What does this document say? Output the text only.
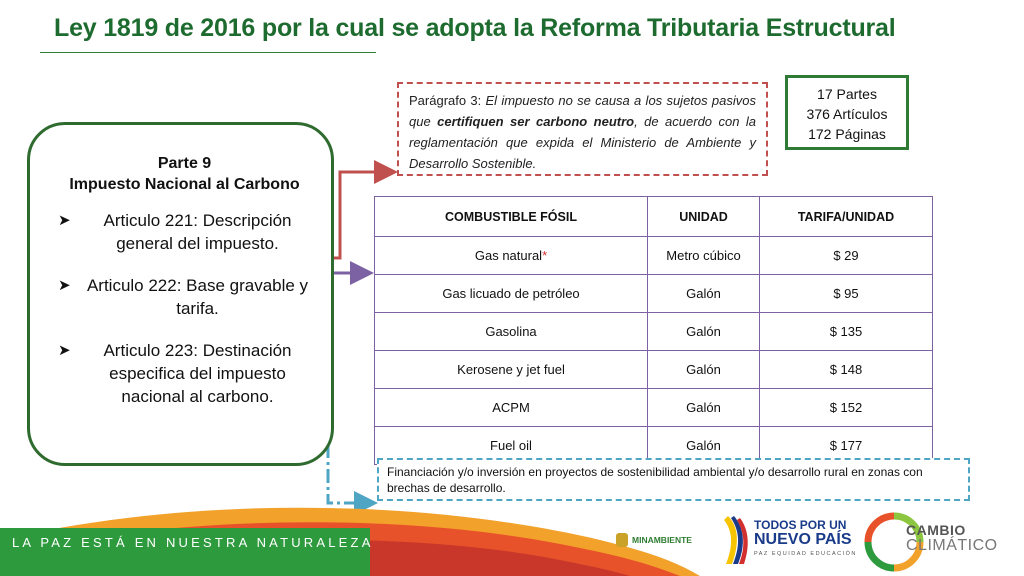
Ley 1819 de 2016 por la cual se adopta la Reforma Tributaria Estructural
Parte 9
Impuesto Nacional al Carbono
➤ Articulo 221: Descripción general del impuesto.
➤ Articulo 222: Base gravable y tarifa.
➤ Articulo 223: Destinación especifica del impuesto nacional al carbono.
Parágrafo 3: El impuesto no se causa a los sujetos pasivos que certifiquen ser carbono neutro, de acuerdo con la reglamentación que expida el Ministerio de Ambiente y Desarrollo Sostenible.
17 Partes
376 Artículos
172 Páginas
COMBUSTIBLE FÓSIL	UNIDAD	TARIFA/UNIDAD
Gas natural*	Metro cúbico	$ 29
Gas licuado de petróleo	Galón	$ 95
Gasolina	Galón	$ 135
Kerosene y jet fuel	Galón	$ 148
ACPM	Galón	$ 152
Fuel oil	Galón	$ 177
Financiación y/o inversión en proyectos de sostenibilidad ambiental y/o desarrollo rural en zonas con brechas de desarrollo.
LA PAZ ESTÁ EN NUESTRA NATURALEZA	MINAMBIENTE
TODOS POR UN
NUEVO PAÍS
PAZ EQUIDAD EDUCACIÓN
CAMBIO
CLIMÁTICO
